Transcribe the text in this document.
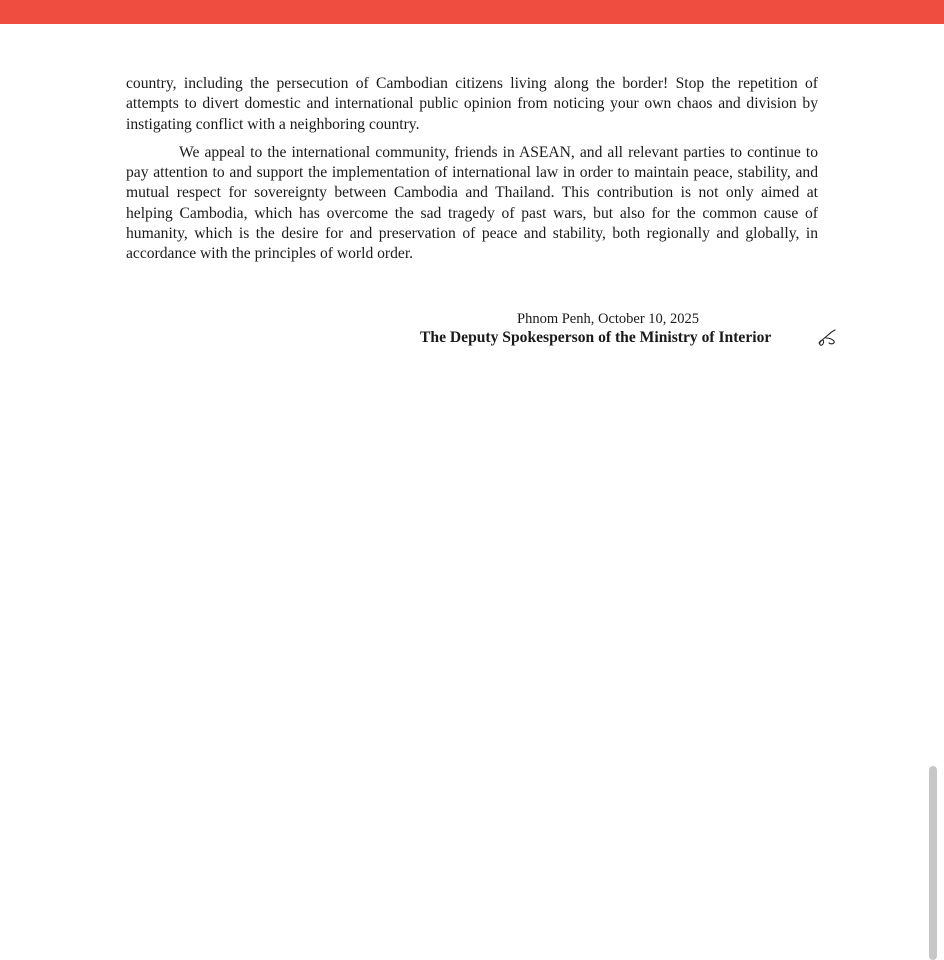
country, including the persecution of Cambodian citizens living along the border! Stop the repetition of attempts to divert domestic and international public opinion from noticing your own chaos and division by instigating conflict with a neighboring country.

We appeal to the international community, friends in ASEAN, and all relevant parties to continue to pay attention to and support the implementation of international law in order to maintain peace, stability, and mutual respect for sovereignty between Cambodia and Thailand. This contribution is not only aimed at helping Cambodia, which has overcome the sad tragedy of past wars, but also for the common cause of humanity, which is the desire for and preservation of peace and stability, both regionally and globally, in accordance with the principles of world order.

Phnom Penh, October 10, 2025
The Deputy Spokesperson of the Ministry of Interior
